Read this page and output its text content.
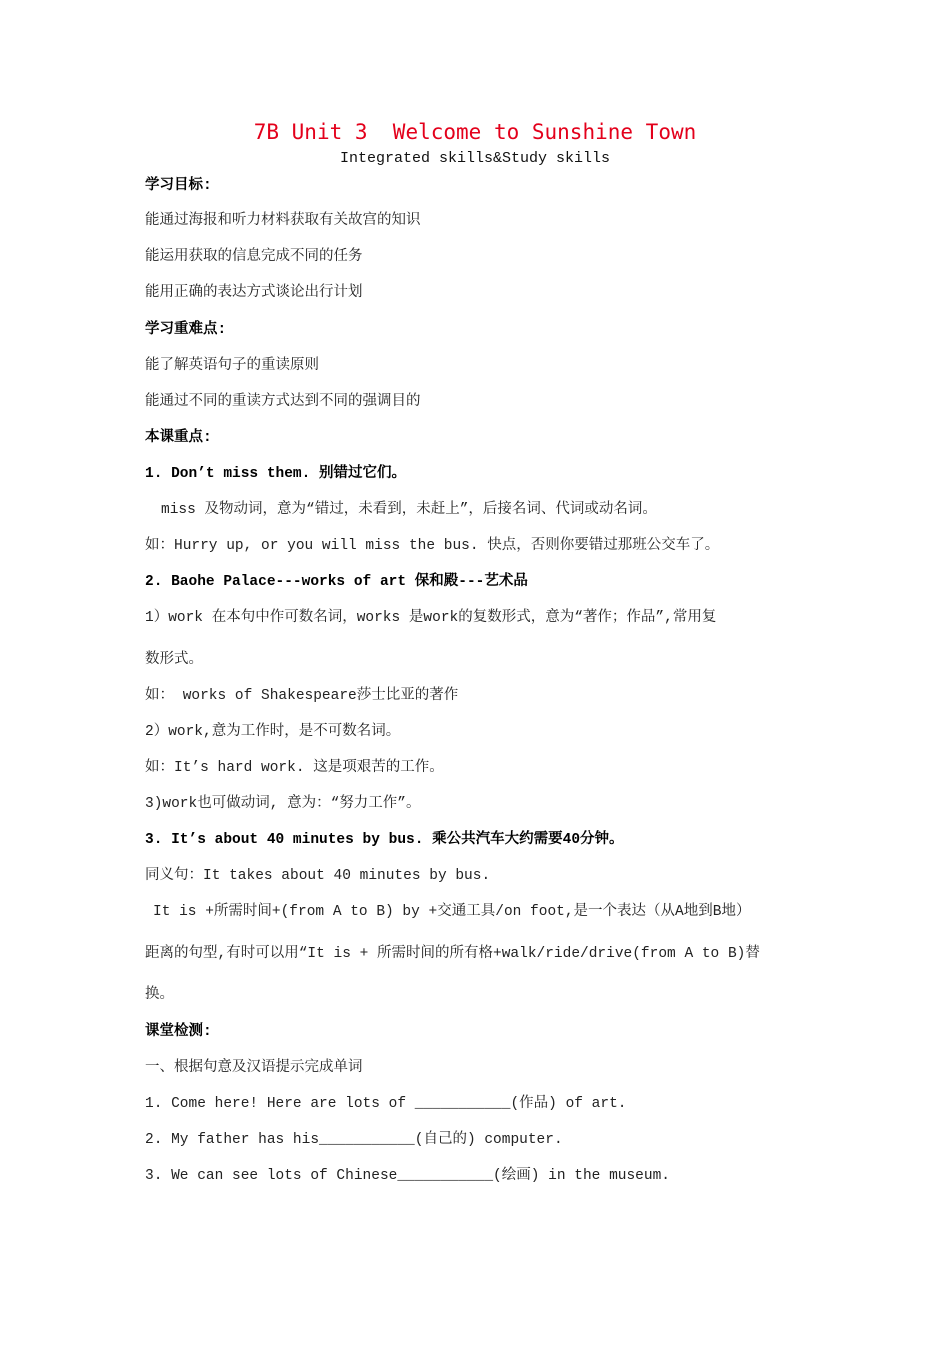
7B Unit 3  Welcome to Sunshine Town
Integrated skills&Study skills
学习目标:
能通过海报和听力材料获取有关故宫的知识
能运用获取的信息完成不同的任务
能用正确的表达方式谈论出行计划
学习重难点:
能了解英语句子的重读原则
能通过不同的重读方式达到不同的强调目的
本课重点:
1. Don’t miss them. 别错过它们。
miss 及物动词，意为“错过，未看到，未赶上”，后接名词、代词或动名词。
如：Hurry up, or you will miss the bus. 快点，否则你要错过那班公交车了。
2. Baohe Palace---works of art 保和殿---艺术品
1）work 在本句中作可数名词，works 是work的复数形式，意为“著作；作品”,常用复
数形式。
如： works of Shakespeare莎士比亚的著作
2）work,意为工作时，是不可数名词。
如：It’s hard work. 这是项艰苦的工作。
3)work也可做动词, 意为：“努力工作”。
3. It’s about 40 minutes by bus. 乘公共汽车大约需要40分钟。
同义句：It takes about 40 minutes by bus.
It is +所需时间+(from A to B) by +交通工具/on foot,是一个表达（从A地到B地）
距离的句型,有时可以用“It is + 所需时间的所有格+walk/ride/drive(from A to B)替
换。
课堂检测:
一、根据句意及汉语提示完成单词
1. Come here! Here are lots of ___________(作品) of art.
2. My father has his___________(自己的) computer.
3. We can see lots of Chinese___________(绘画) in the museum.
